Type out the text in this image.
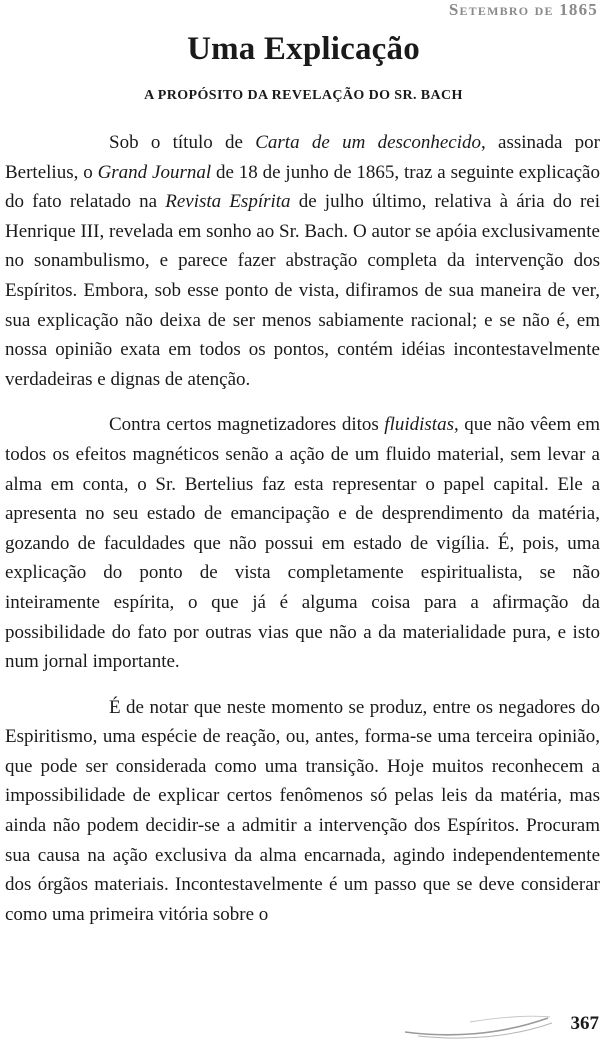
Setembro de 1865
Uma Explicação
A PROPÓSITO DA REVELAÇÃO DO SR. BACH

Sob o título de Carta de um desconhecido, assinada por Bertelius, o Grand Journal de 18 de junho de 1865, traz a seguinte explicação do fato relatado na Revista Espírita de julho último, relativa à ária do rei Henrique III, revelada em sonho ao Sr. Bach. O autor se apóia exclusivamente no sonambulismo, e parece fazer abstração completa da intervenção dos Espíritos. Embora, sob esse ponto de vista, difiramos de sua maneira de ver, sua explicação não deixa de ser menos sabiamente racional; e se não é, em nossa opinião exata em todos os pontos, contém idéias incontestavelmente verdadeiras e dignas de atenção.

Contra certos magnetizadores ditos fluidistas, que não vêem em todos os efeitos magnéticos senão a ação de um fluido material, sem levar a alma em conta, o Sr. Bertelius faz esta representar o papel capital. Ele a apresenta no seu estado de emancipação e de desprendimento da matéria, gozando de faculdades que não possui em estado de vigília. É, pois, uma explicação do ponto de vista completamente espiritualista, se não inteiramente espírita, o que já é alguma coisa para a afirmação da possibilidade do fato por outras vias que não a da materialidade pura, e isto num jornal importante.

É de notar que neste momento se produz, entre os negadores do Espiritismo, uma espécie de reação, ou, antes, forma-se uma terceira opinião, que pode ser considerada como uma transição. Hoje muitos reconhecem a impossibilidade de explicar certos fenômenos só pelas leis da matéria, mas ainda não podem decidir-se a admitir a intervenção dos Espíritos. Procuram sua causa na ação exclusiva da alma encarnada, agindo independentemente dos órgãos materiais. Incontestavelmente é um passo que se deve considerar como uma primeira vitória sobre o

367
